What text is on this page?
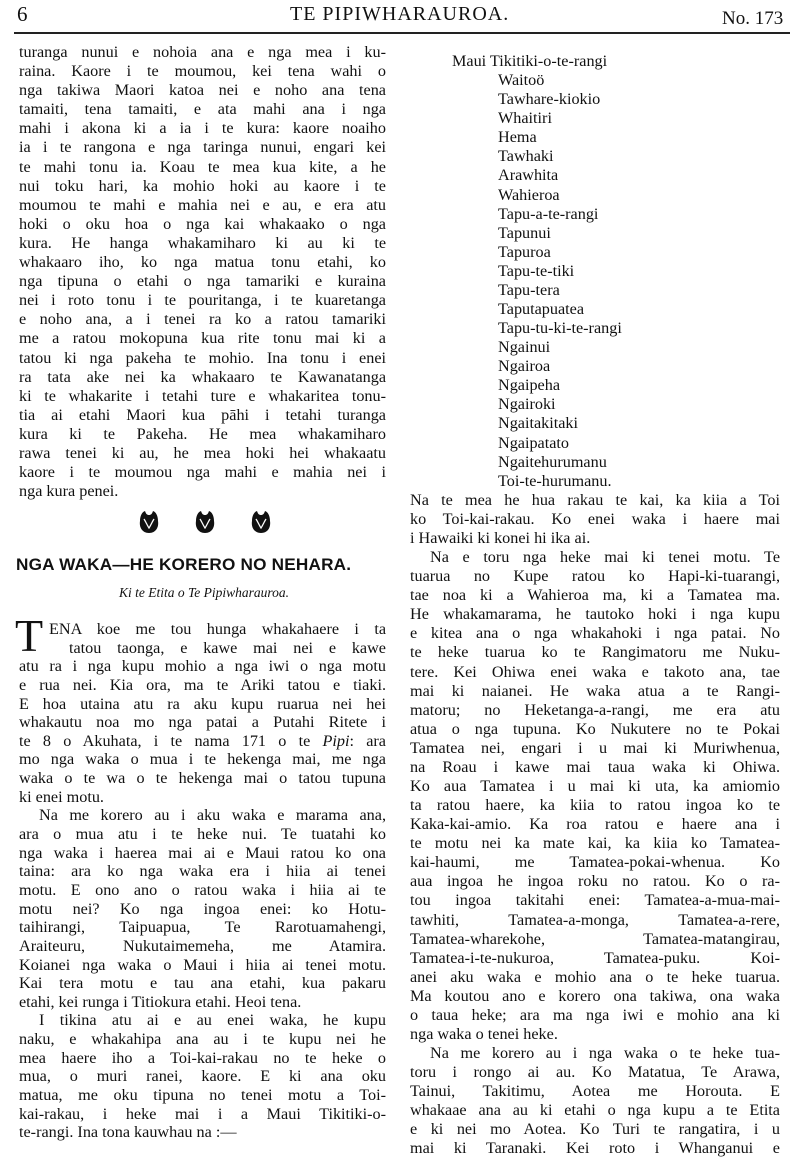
6	TE PIPIWHARAUROA.	No. 173
turanga nunui e nohoia ana e nga mea i ku-
raina. Kaore i te moumou, kei tena wahi o
nga takiwa Maori katoa nei e noho ana tena
tamaiti, tena tamaiti, e ata mahi ana i nga
mahi i akona ki a ia i te kura: kaore noaiho
ia i te rangona e nga taringa nunui, engari kei
te mahi tonu ia. Koau te mea kua kite, a he
nui toku hari, ka mohio hoki au kaore i te
moumou te mahi e mahia nei e au, e era atu
hoki o oku hoa o nga kai whakaako o nga
kura. He hanga whakamiharo ki au ki te
whakaaro iho, ko nga matua tonu etahi, ko
nga tipuna o etahi o nga tamariki e kuraina
nei i roto tonu i te pouritanga, i te kuaretanga
e noho ana, a i tenei ra ko a ratou tamariki
me a ratou mokopuna kua rite tonu mai ki a
tatou ki nga pakeha te mohio. Ina tonu i enei
ra tata ake nei ka whakaaro te Kawanatanga
ki te whakarite i tetahi ture e whakaritea tonu-
tia ai etahi Maori kua pāhi i tetahi turanga
kura ki te Pakeha. He mea whakamiharo
rawa tenei ki au, he mea hoki hei whakaatu
kaore i te moumou nga mahi e mahia nei i
nga kura penei.
NGA WAKA—HE KORERO NO NEHARA.
Ki te Etita o Te Pipiwharauroa.
T ENA koe me tou hunga whakahaere i ta
tatou taonga, e kawe mai nei e kawe
atu ra i nga kupu mohio a nga iwi o nga motu
e rua nei. Kia ora, ma te Ariki tatou e tiaki.
E hoa utaina atu ra aku kupu ruarua nei hei
whakautu noa mo nga patai a Putahi Ritete i
te 8 o Akuhata, i te nama 171 o te Pipi: ara
mo nga waka o mua i te hekenga mai, me nga
waka o te wa o te hekenga mai o tatou tupuna
ki enei motu.
Na me korero au i aku waka e marama ana,
ara o mua atu i te heke nui. Te tuatahi ko
nga waka i haerea mai ai e Maui ratou ko ona
taina: ara ko nga waka era i hiia ai tenei
motu. E ono ano o ratou waka i hiia ai te
motu nei? Ko nga ingoa enei: ko Hotu-
taihirangi, Taipuapua, Te Rarotuamahengi,
Araiteuru, Nukutaimemeha, me Atamira.
Koianei nga waka o Maui i hiia ai tenei motu.
Kai tera motu e tau ana etahi, kua pakaru
etahi, kei runga i Titiokura etahi. Heoi tena.
I tikina atu ai e au enei waka, he kupu
naku, e whakahipa ana au i te kupu nei he
mea haere iho a Toi-kai-rakau no te heke o
mua, o muri ranei, kaore. E ki ana oku
matua, me oku tipuna no tenei motu a Toi-
kai-rakau, i heke mai i a Maui Tikitiki-o-
te-rangi. Ina tona kauwhau na :—
Maui Tikitiki-o-te-rangi
Waitoö
Tawhare-kiokio
Whaitiri
Hema
Tawhaki
Arawhita
Wahieroa
Tapu-a-te-rangi
Tapunui
Tapuroa
Tapu-te-tiki
Tapu-tera
Taputapuatea
Tapu-tu-ki-te-rangi
Ngainui
Ngairoa
Ngaipeha
Ngairoki
Ngaitakitaki
Ngaipatato
Ngaitehurumanu
Toi-te-hurumanu.
Na te mea he hua rakau te kai, ka kiia a Toi
ko Toi-kai-rakau. Ko enei waka i haere mai
i Hawaiki ki konei hi ika ai.
Na e toru nga heke mai ki tenei motu. Te
tuarua no Kupe ratou ko Hapi-ki-tuarangi,
tae noa ki a Wahieroa ma, ki a Tamatea ma.
He whakamarama, he tautoko hoki i nga kupu
e kitea ana o nga whakahoki i nga patai. No
te heke tuarua ko te Rangimatoru me Nuku-
tere. Kei Ohiwa enei waka e takoto ana, tae
mai ki naianei. He waka atua a te Rangi-
matoru; no Heketanga-a-rangi, me era atu
atua o nga tupuna. Ko Nukutere no te Pokai
Tamatea nei, engari i u mai ki Muriwhenua,
na Roau i kawe mai taua waka ki Ohiwa.
Ko aua Tamatea i u mai ki uta, ka amiomio
ta ratou haere, ka kiia to ratou ingoa ko te
Kaka-kai-amio. Ka roa ratou e haere ana i
te motu nei ka mate kai, ka kiia ko Tamatea-
kai-haumi, me Tamatea-pokai-whenua. Ko
aua ingoa he ingoa roku no ratou. Ko o ra-
tou ingoa takitahi enei: Tamatea-a-mua-mai-
tawhiti, Tamatea-a-monga, Tamatea-a-rere,
Tamatea-wharekohe, Tamatea-matangirau,
Tamatea-i-te-nukuroa, Tamatea-puku. Koi-
anei aku waka e mohio ana o te heke tuarua.
Ma koutou ano e korero ona takiwa, ona waka
o taua heke; ara ma nga iwi e mohio ana ki
nga waka o tenei heke.
Na me korero au i nga waka o te heke tua-
toru i rongo ai au. Ko Matatua, Te Arawa,
Tainui, Takitimu, Aotea me Horouta. E
whakaae ana au ki etahi o nga kupu a te Etita
e ki nei mo Aotea. Ko Turi te rangatira, i u
mai ki Taranaki. Kei roto i Whanganui e
